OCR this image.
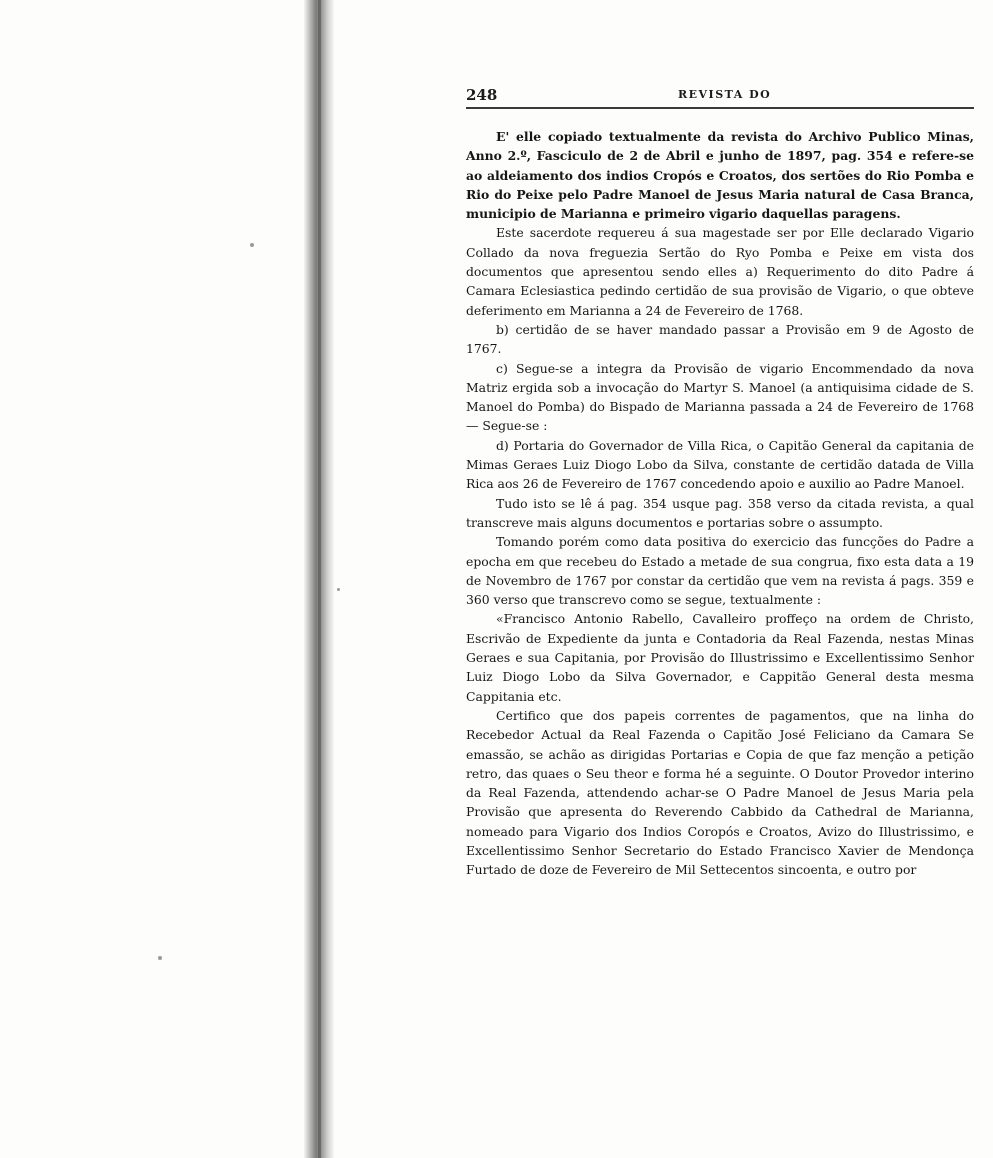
248	REVISTA DO

E' elle copiado textualmente da revista do Archivo Publico Minas, Anno 2.º, Fasciculo de 2 de Abril e junho de 1897, pag. 354 e refere-se ao aldeiamento dos indios Cropós e Croatos, dos sertões do Rio Pomba e Rio do Peixe pelo Padre Manoel de Jesus Maria natural de Casa Branca, municipio de Marianna e primeiro vigario daquellas paragens.

Este sacerdote requereu á sua magestade ser por Elle declarado Vigario Collado da nova freguezia Sertão do Ryo Pomba e Peixe em vista dos documentos que apresentou sendo elles a) Requerimento do dito Padre á Camara Eclesiastica pedindo certidão de sua provisão de Vigario, o que obteve deferimento em Marianna a 24 de Fevereiro de 1768.

b) certidão de se haver mandado passar a Provisão em 9 de Agosto de 1767.

c) Segue-se a integra da Provisão de vigario Encommendado da nova Matriz ergida sob a invocação do Martyr S. Manoel (a antiquisima cidade de S. Manoel do Pomba) do Bispado de Marianna passada a 24 de Fevereiro de 1768 — Segue-se :

d) Portaria do Governador de Villa Rica, o Capitão General da capitania de Mimas Geraes Luiz Diogo Lobo da Silva, constante de certidão datada de Villa Rica aos 26 de Fevereiro de 1767 concedendo apoio e auxilio ao Padre Manoel.

Tudo isto se lê á pag. 354 usque pag. 358 verso da citada revista, a qual transcreve mais alguns documentos e portarias sobre o assumpto.

Tomando porém como data positiva do exercicio das funcções do Padre a epocha em que recebeu do Estado a metade de sua congrua, fixo esta data a 19 de Novembro de 1767 por constar da certidão que vem na revista á pags. 359 e 360 verso que transcrevo como se segue, textualmente :

«Francisco Antonio Rabello, Cavalleiro proffeço na ordem de Christo, Escrivão de Expediente da junta e Contadoria da Real Fazenda, nestas Minas Geraes e sua Capitania, por Provisão do Illustrissimo e Excellentissimo Senhor Luiz Diogo Lobo da Silva Governador, e Cappitão General desta mesma Cappitania etc.

Certifico que dos papeis correntes de pagamentos, que na linha do Recebedor Actual da Real Fazenda o Capitão José Feliciano da Camara Se emassão, se achão as dirigidas Portarias e Copia de que faz menção a petição retro, das quaes o Seu theor e forma hé a seguinte. O Doutor Provedor interino da Real Fazenda, attendendo achar-se O Padre Manoel de Jesus Maria pela Provisão que apresenta do Reverendo Cabbido da Cathedral de Marianna, nomeado para Vigario dos Indios Coropós e Croatos, Avizo do Illustrissimo, e Excellentissimo Senhor Secretario do Estado Francisco Xavier de Mendonça Furtado de doze de Fevereiro de Mil Settecentos sincoenta, e outro por
